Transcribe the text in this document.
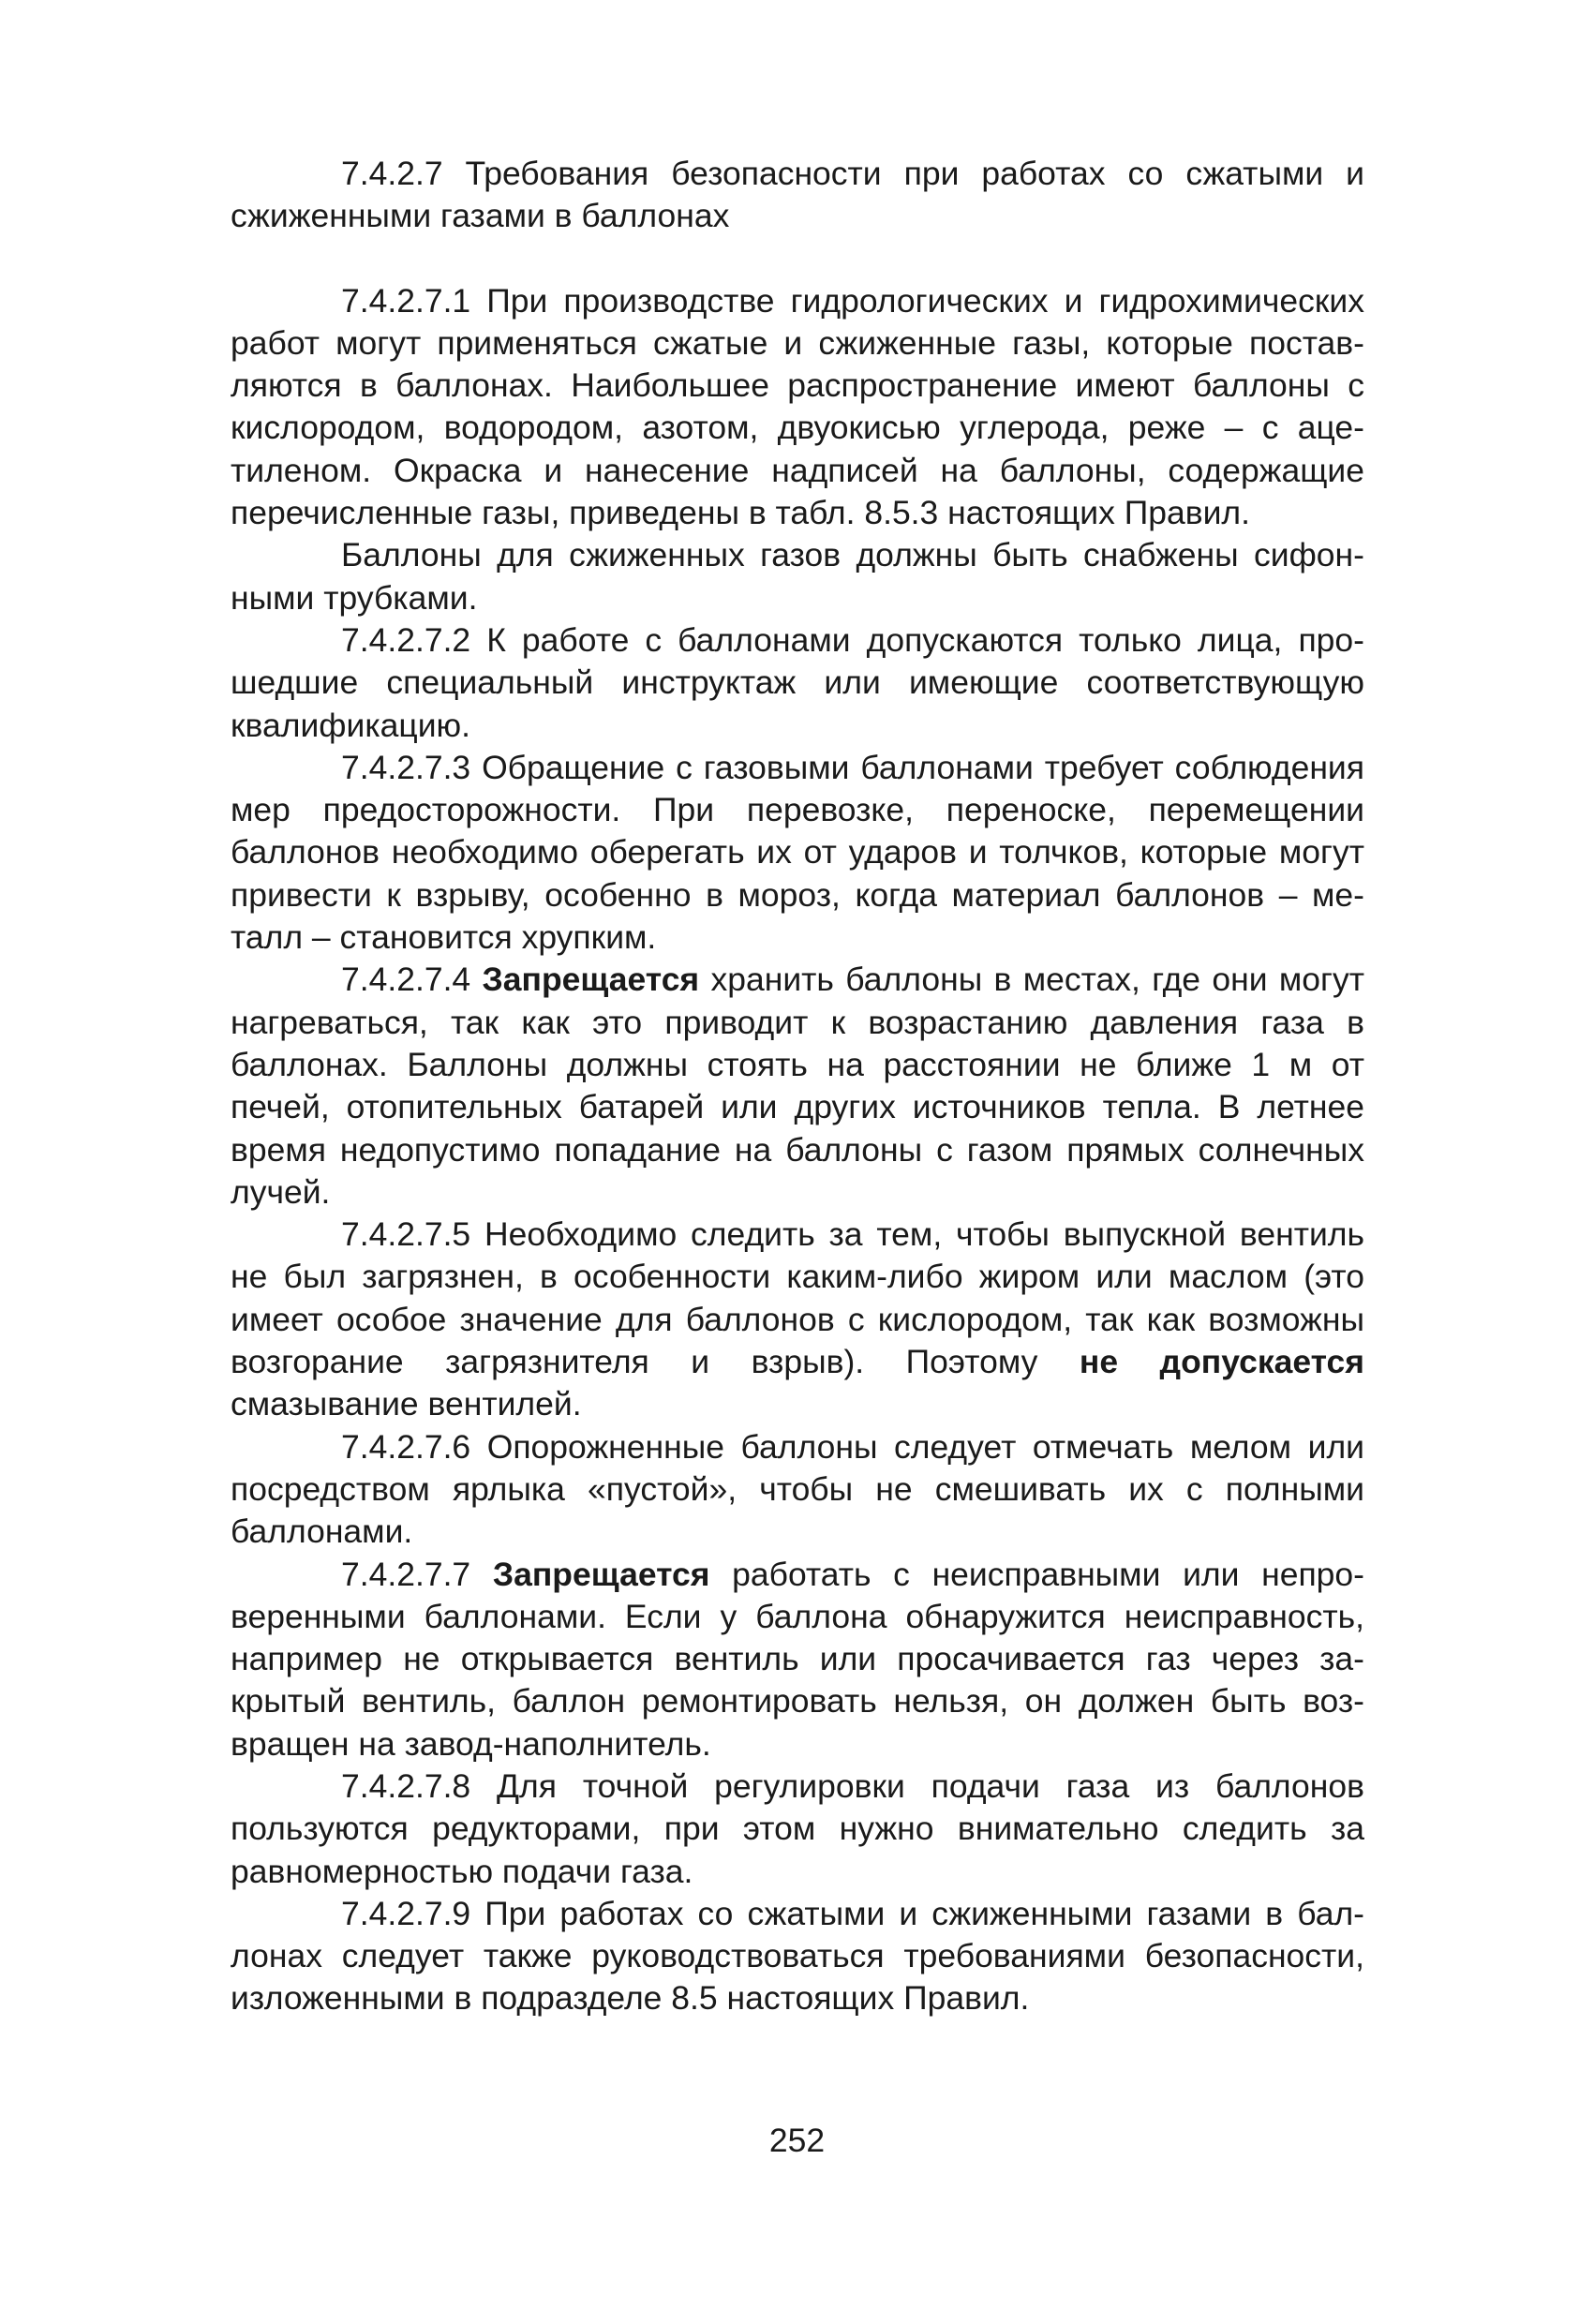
7.4.2.7 Требования безопасности при работах со сжатыми и сжиженными газами в баллонах

7.4.2.7.1 При производстве гидрологических и гидрохимических работ могут применяться сжатые и сжиженные газы, которые поставляются в баллонах. Наибольшее распространение имеют баллоны с кислородом, водородом, азотом, двуокисью углерода, реже – с ацетиленом. Окраска и нанесение надписей на баллоны, содержащие перечисленные газы, приведены в табл. 8.5.3 настоящих Правил.

Баллоны для сжиженных газов должны быть снабжены сифонными трубками.

7.4.2.7.2 К работе с баллонами допускаются только лица, прошедшие специальный инструктаж или имеющие соответствующую квалификацию.

7.4.2.7.3 Обращение с газовыми баллонами требует соблюдения мер предосторожности. При перевозке, переноске, перемещении баллонов необходимо оберегать их от ударов и толчков, которые могут привести к взрыву, особенно в мороз, когда материал баллонов – металл – становится хрупким.

7.4.2.7.4 Запрещается хранить баллоны в местах, где они могут нагреваться, так как это приводит к возрастанию давления газа в баллонах. Баллоны должны стоять на расстоянии не ближе 1 м от печей, отопительных батарей или других источников тепла. В летнее время недопустимо попадание на баллоны с газом прямых солнечных лучей.

7.4.2.7.5 Необходимо следить за тем, чтобы выпускной вентиль не был загрязнен, в особенности каким-либо жиром или маслом (это имеет особое значение для баллонов с кислородом, так как возможны возгорание загрязнителя и взрыв). Поэтому не допускается смазывание вентилей.

7.4.2.7.6 Опорожненные баллоны следует отмечать мелом или посредством ярлыка «пустой», чтобы не смешивать их с полными баллонами.

7.4.2.7.7 Запрещается работать с неисправными или непроверенными баллонами. Если у баллона обнаружится неисправность, например не открывается вентиль или просачивается газ через закрытый вентиль, баллон ремонтировать нельзя, он должен быть возвращен на завод-наполнитель.

7.4.2.7.8 Для точной регулировки подачи газа из баллонов пользуются редукторами, при этом нужно внимательно следить за равномерностью подачи газа.

7.4.2.7.9 При работах со сжатыми и сжиженными газами в баллонах следует также руководствоваться требованиями безопасности, изложенными в подразделе 8.5 настоящих Правил.

252
